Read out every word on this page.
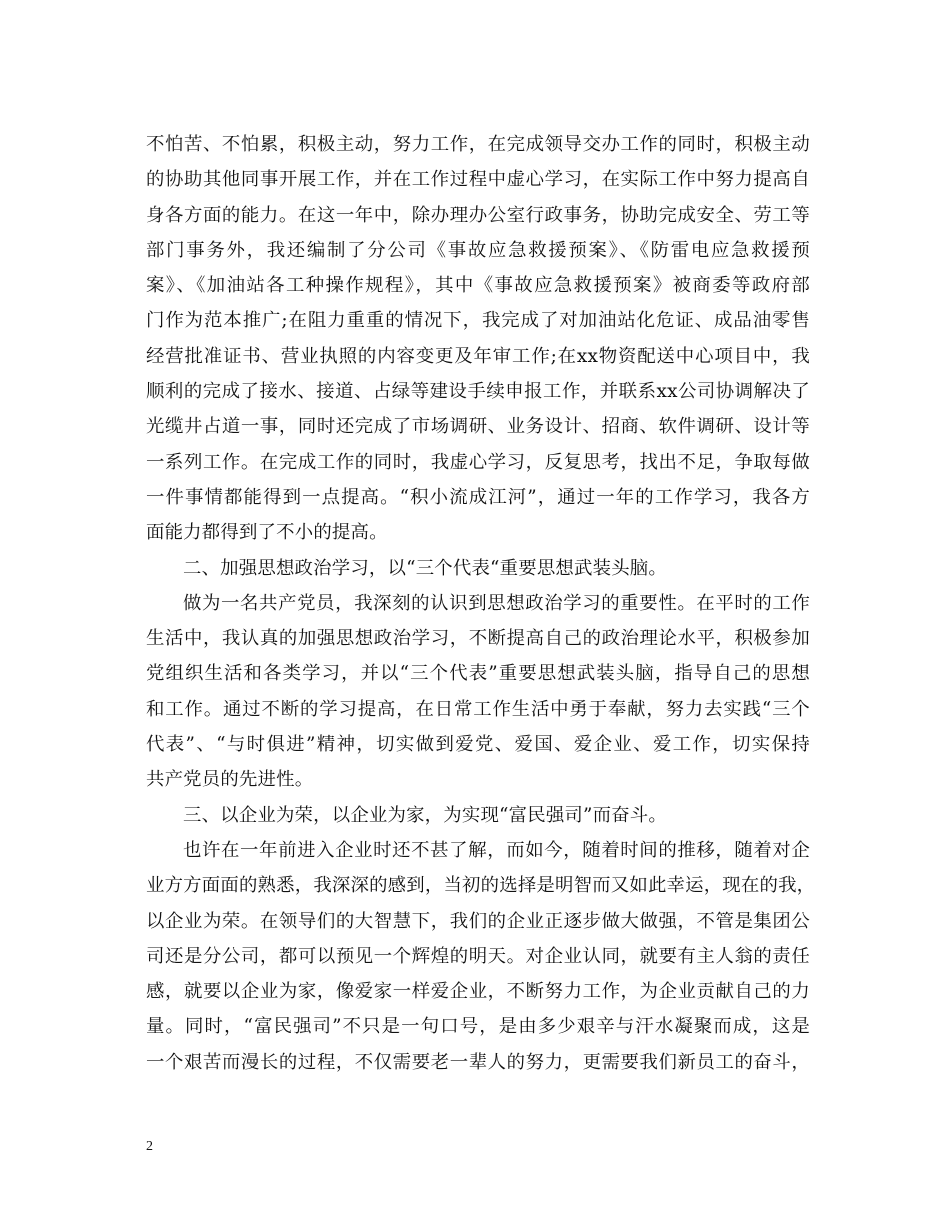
不怕苦、不怕累，积极主动，努力工作，在完成领导交办工作的同时，积极主动
的协助其他同事开展工作，并在工作过程中虚心学习，在实际工作中努力提高自
身各方面的能力。在这一年中，除办理办公室行政事务，协助完成安全、劳工等
部门事务外，我还编制了分公司《事故应急救援预案》、《防雷电应急救援预
案》、《加油站各工种操作规程》，其中《事故应急救援预案》被商委等政府部
门作为范本推广;在阻力重重的情况下，我完成了对加油站化危证、成品油零售
经营批准证书、营业执照的内容变更及年审工作;在xx物资配送中心项目中，我
顺利的完成了接水、接道、占绿等建设手续申报工作，并联系xx公司协调解决了
光缆井占道一事，同时还完成了市场调研、业务设计、招商、软件调研、设计等
一系列工作。在完成工作的同时，我虚心学习，反复思考，找出不足，争取每做
一件事情都能得到一点提高。“积小流成江河”，通过一年的工作学习，我各方
面能力都得到了不小的提高。
二、加强思想政治学习，以“三个代表“重要思想武装头脑。
做为一名共产党员，我深刻的认识到思想政治学习的重要性。在平时的工作
生活中，我认真的加强思想政治学习，不断提高自己的政治理论水平，积极参加
党组织生活和各类学习，并以“三个代表”重要思想武装头脑，指导自己的思想
和工作。通过不断的学习提高，在日常工作生活中勇于奉献，努力去实践“三个
代表”、“与时俱进”精神，切实做到爱党、爱国、爱企业、爱工作，切实保持
共产党员的先进性。
三、以企业为荣，以企业为家，为实现“富民强司”而奋斗。
也许在一年前进入企业时还不甚了解，而如今，随着时间的推移，随着对企
业方方面面的熟悉，我深深的感到，当初的选择是明智而又如此幸运，现在的我，
以企业为荣。在领导们的大智慧下，我们的企业正逐步做大做强，不管是集团公
司还是分公司，都可以预见一个辉煌的明天。对企业认同，就要有主人翁的责任
感，就要以企业为家，像爱家一样爱企业，不断努力工作，为企业贡献自己的力
量。同时，“富民强司”不只是一句口号，是由多少艰辛与汗水凝聚而成，这是
一个艰苦而漫长的过程，不仅需要老一辈人的努力，更需要我们新员工的奋斗，
2
